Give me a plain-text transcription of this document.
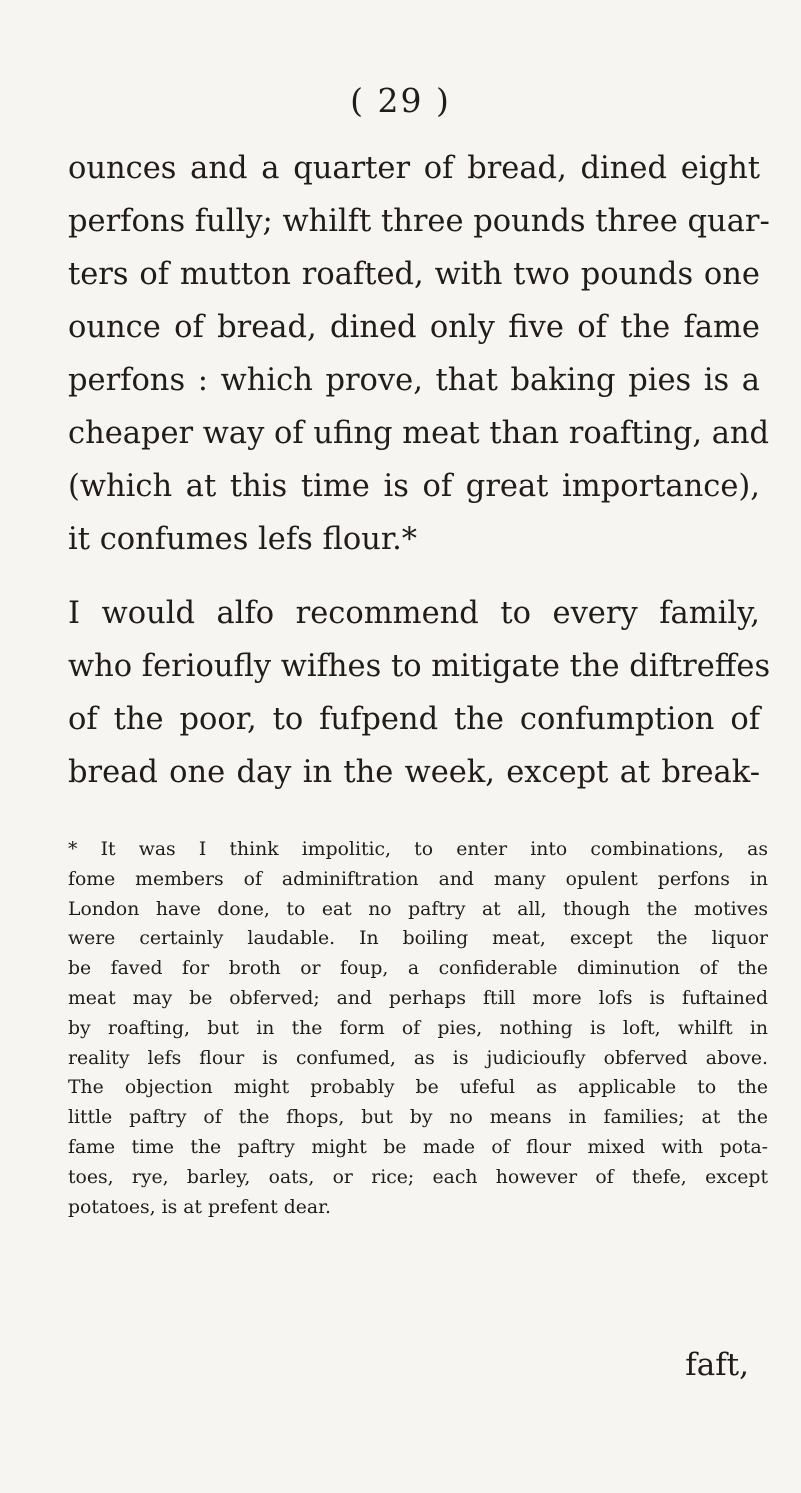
( 29 )

ounces and a quarter of bread, dined eight
perfons fully; whilft three pounds three quar-
ters of mutton roafted, with two pounds one
ounce of bread, dined only five of the fame
perfons : which prove, that baking pies is a
cheaper way of ufing meat than roafting, and
(which at this time is of great importance),
it confumes lefs flour.*

I would alfo recommend to every family,
who ferioufly wifhes to mitigate the diftreffes
of the poor, to fufpend the confumption of
bread one day in the week, except at break-

* It was I think impolitic, to enter into combinations, as
fome members of adminiftration and many opulent perfons in
London have done, to eat no paftry at all, though the motives
were certainly laudable. In boiling meat, except the liquor
be faved for broth or foup, a confiderable diminution of the
meat may be obferved; and perhaps ftill more lofs is fuftained
by roafting, but in the form of pies, nothing is loft, whilft in
reality lefs flour is confumed, as is judicioufly obferved above.
The objection might probably be ufeful as applicable to the
little paftry of the fhops, but by no means in families; at the
fame time the paftry might be made of flour mixed with pota-
toes, rye, barley, oats, or rice; each however of thefe, except
potatoes, is at prefent dear.

faft,
